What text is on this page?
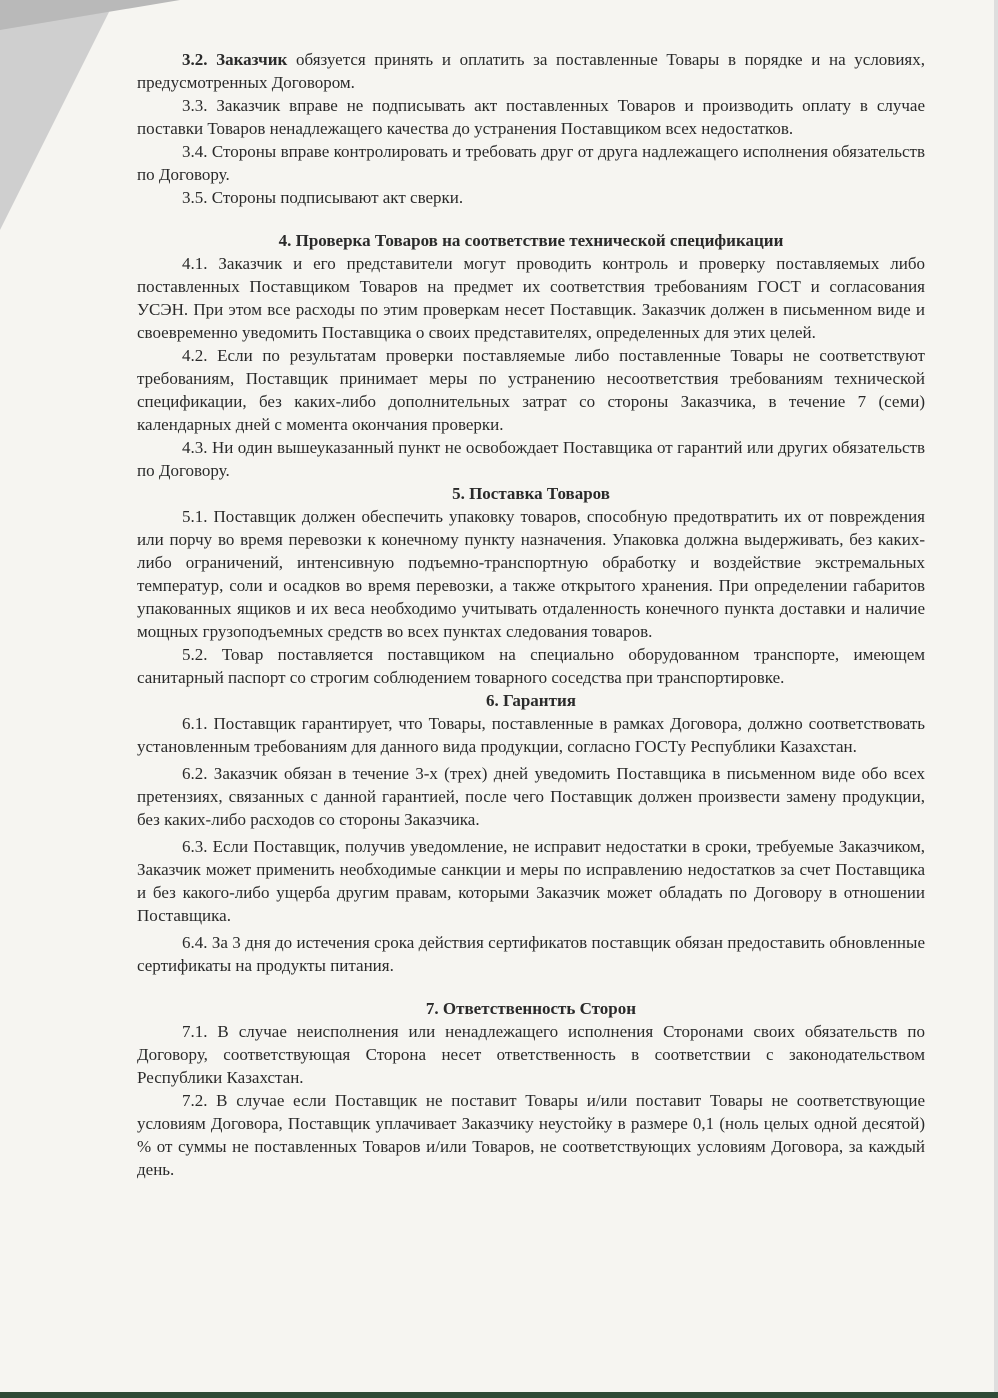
3.2. Заказчик обязуется принять и оплатить за поставленные Товары в порядке и на условиях, предусмотренных Договором.

3.3. Заказчик вправе не подписывать акт поставленных Товаров и производить оплату в случае поставки Товаров ненадлежащего качества до устранения Поставщиком всех недостатков.

3.4. Стороны вправе контролировать и требовать друг от друга надлежащего исполнения обязательств по Договору.

3.5. Стороны подписывают акт сверки.

4. Проверка Товаров на соответствие технической спецификации

4.1. Заказчик и его представители могут проводить контроль и проверку поставляемых либо поставленных Поставщиком Товаров на предмет их соответствия требованиям ГОСТ и согласования УСЭН. При этом все расходы по этим проверкам несет Поставщик. Заказчик должен в письменном виде и своевременно уведомить Поставщика о своих представителях, определенных для этих целей.

4.2. Если по результатам проверки поставляемые либо поставленные Товары не соответствуют требованиям, Поставщик принимает меры по устранению несоответствия требованиям технической спецификации, без каких-либо дополнительных затрат со стороны Заказчика, в течение 7 (семи) календарных дней с момента окончания проверки.

4.3. Ни один вышеуказанный пункт не освобождает Поставщика от гарантий или других обязательств по Договору.

5. Поставка Товаров

5.1. Поставщик должен обеспечить упаковку товаров, способную предотвратить их от повреждения или порчу во время перевозки к конечному пункту назначения. Упаковка должна выдерживать, без каких-либо ограничений, интенсивную подъемно-транспортную обработку и воздействие экстремальных температур, соли и осадков во время перевозки, а также открытого хранения. При определении габаритов упакованных ящиков и их веса необходимо учитывать отдаленность конечного пункта доставки и наличие мощных грузоподъемных средств во всех пунктах следования товаров.

5.2. Товар поставляется поставщиком на специально оборудованном транспорте, имеющем санитарный паспорт со строгим соблюдением товарного соседства при транспортировке.

6. Гарантия

6.1. Поставщик гарантирует, что Товары, поставленные в рамках Договора, должно соответствовать установленным требованиям для данного вида продукции, согласно ГОСТу Республики Казахстан.

6.2. Заказчик обязан в течение 3-х (трех) дней уведомить Поставщика в письменном виде обо всех претензиях, связанных с данной гарантией, после чего Поставщик должен произвести замену продукции, без каких-либо расходов со стороны Заказчика.

6.3. Если Поставщик, получив уведомление, не исправит недостатки в сроки, требуемые Заказчиком, Заказчик может применить необходимые санкции и меры по исправлению недостатков за счет Поставщика и без какого-либо ущерба другим правам, которыми Заказчик может обладать по Договору в отношении Поставщика.

6.4. За 3 дня до истечения срока действия сертификатов поставщик обязан предоставить обновленные сертификаты на продукты питания.

7. Ответственность Сторон

7.1. В случае неисполнения или ненадлежащего исполнения Сторонами своих обязательств по Договору, соответствующая Сторона несет ответственность в соответствии с законодательством Республики Казахстан.

7.2. В случае если Поставщик не поставит Товары и/или поставит Товары не соответствующие условиям Договора, Поставщик уплачивает Заказчику неустойку в размере 0,1 (ноль целых одной десятой) % от суммы не поставленных Товаров и/или Товаров, не соответствующих условиям Договора, за каждый день.
